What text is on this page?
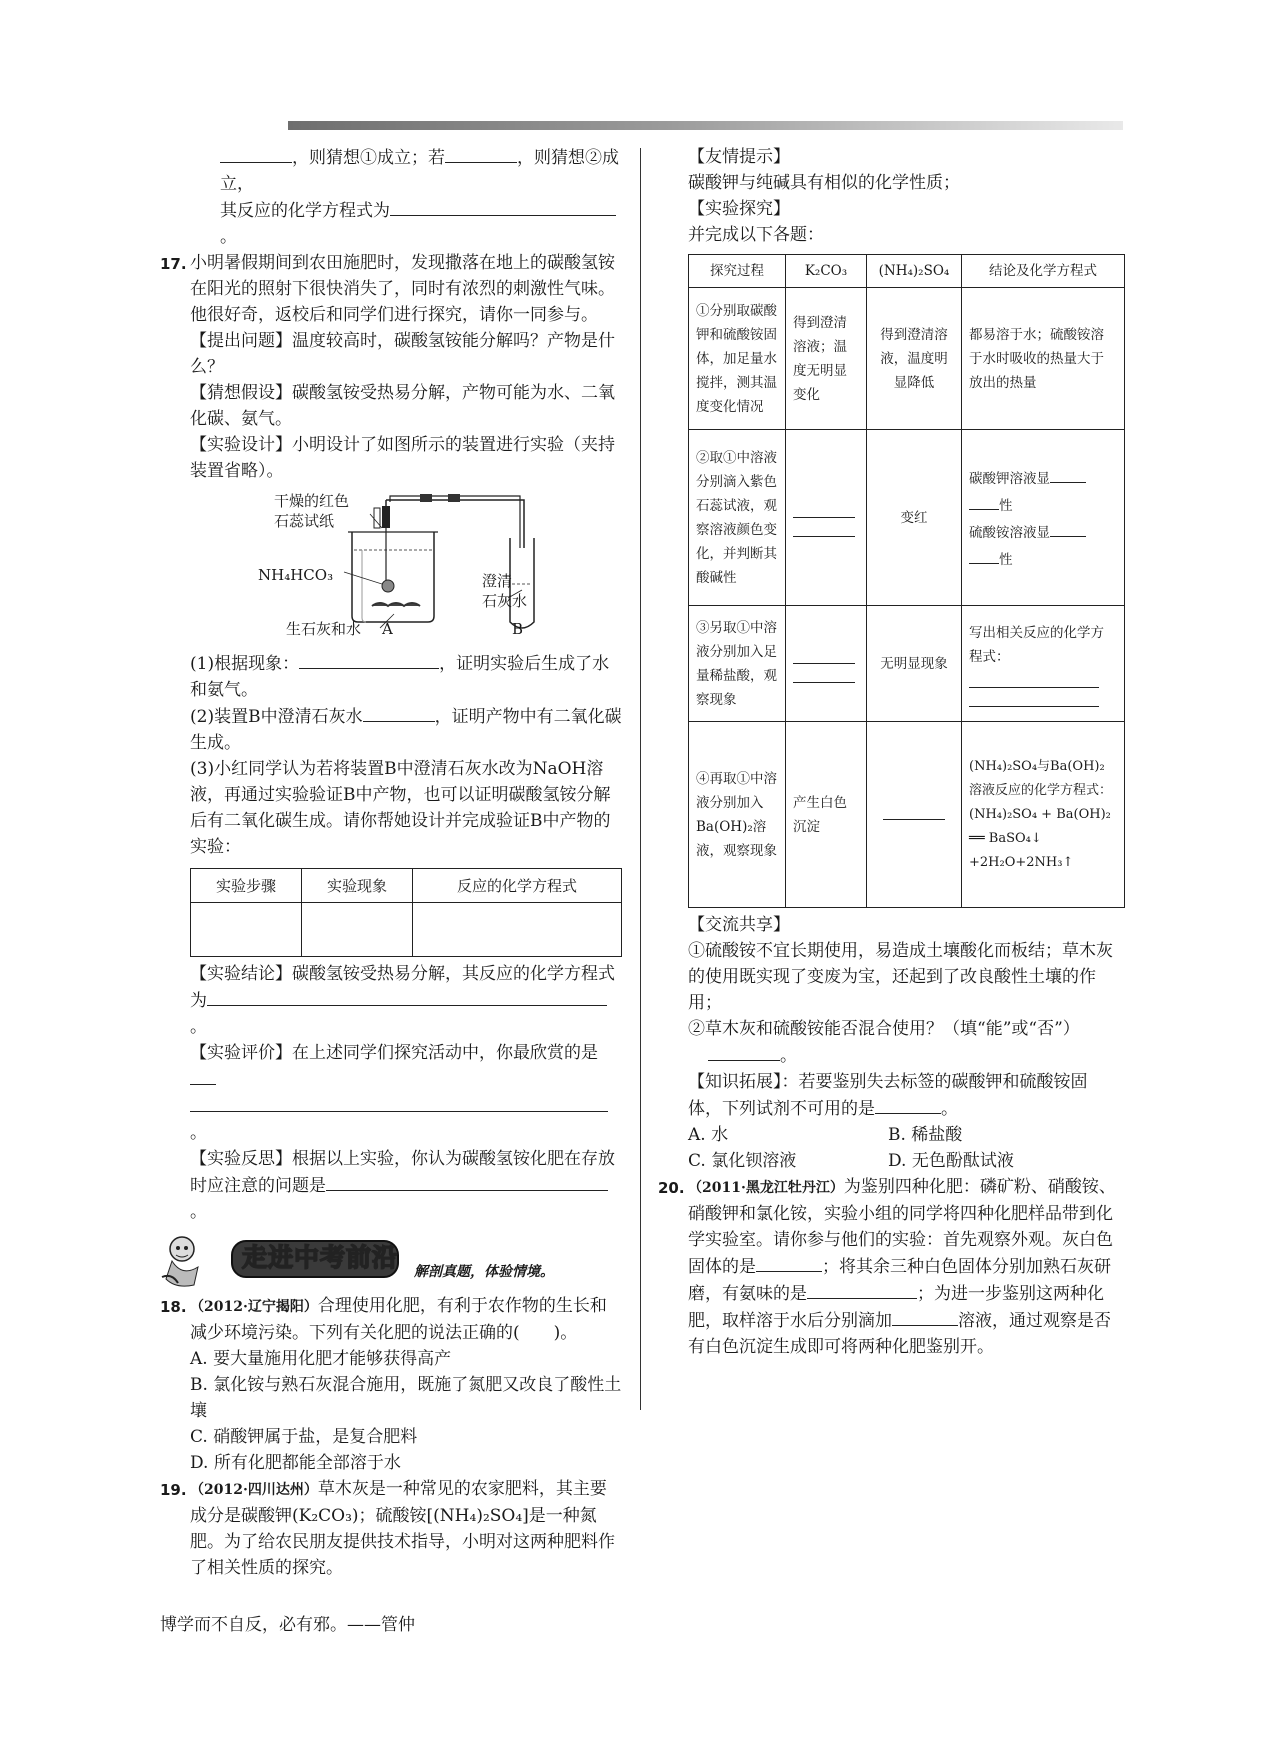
，则猜想①成立；若	，则猜想②成立，

其反应的化学方程式为。

17. 小明暑假期间到农田施肥时，发现撒落在地上的碳酸氢铵在阳光的照射下很快消失了，同时有浓烈的刺激性气味。他很好奇，返校后和同学们进行探究，请你一同参与。

【提出问题】温度较高时，碳酸氢铵能分解吗？产物是什么？

【猜想假设】碳酸氢铵受热易分解，产物可能为水、二氧化碳、氨气。

【实验设计】小明设计了如图所示的装置进行实验（夹持装置省略）。

干燥的红色
石蕊试纸
NH₄HCO₃	澄清
石灰水
生石灰和水 A	B

(1)根据现象：	，证明实验后生成了水和氨气。

(2)装置B中澄清石灰水	，证明产物中有二氧化碳生成。

(3)小红同学认为若将装置B中澄清石灰水改为NaOH溶液，再通过实验验证B中产物，也可以证明碳酸氢铵分解后有二氧化碳生成。请你帮她设计并完成验证B中产物的实验：

实验步骤	实验现象	反应的化学方程式

【实验结论】碳酸氢铵受热易分解，其反应的化学方程式为。

【实验评价】在上述同学们探究活动中，你最欣赏的是。

【实验反思】根据以上实验，你认为碳酸氢铵化肥在存放时应注意的问题是。

走进中考前沿 解剖真题，体验情境。
18. （2012·辽宁揭阳）合理使用化肥，有利于农作物的生长和减少环境污染。下列有关化肥的说法正确的(　　)。

A. 要大量施用化肥才能够获得高产

B. 氯化铵与熟石灰混合施用，既施了氮肥又改良了酸性土壤

C. 硝酸钾属于盐，是复合肥料

D. 所有化肥都能全部溶于水

19. （2012·四川达州）草木灰是一种常见的农家肥料，其主要成分是碳酸钾(K₂CO₃)；硫酸铵[(NH₄)₂SO₄]是一种氮肥。为了给农民朋友提供技术指导，小明对这两种肥料作了相关性质的探究。

【友情提示】

碳酸钾与纯碱具有相似的化学性质；

【实验探究】

并完成以下各题：

探究过程	K₂CO₃	(NH₄)₂SO₄	结论及化学方程式
①分别取碳酸钾和硫酸铵固体，加足量水搅拌，测其温度变化情况	得到澄清溶液；温度无明显变化	得到澄清溶液，温度明显降低	都易溶于水；硫酸铵溶于水时吸收的热量大于放出的热量
②取①中溶液分别滴入紫色石蕊试液，观察溶液颜色变化，并判断其酸碱性		变红	碳酸钾溶液显
性
硫酸铵溶液显
性
③另取①中溶液分别加入足量稀盐酸，观察现象		无明显现象	写出相关反应的化学方程式：

④再取①中溶液分别加入Ba(OH)₂溶液，观察现象	产生白色沉淀		(NH₄)₂SO₄与Ba(OH)₂溶液反应的化学方程式：(NH₄)₂SO₄ + Ba(OH)₂ ══ BaSO₄↓ +2H₂O+2NH₃↑

【交流共享】

①硫酸铵不宜长期使用，易造成土壤酸化而板结；草木灰的使用既实现了变废为宝，还起到了改良酸性土壤的作用；

②草木灰和硫酸铵能否混合使用？（填“能”或“否”）

。

【知识拓展】：若要鉴别失去标签的碳酸钾和硫酸铵固体，下列试剂不可用的是	。

A. 水	B. 稀盐酸

C. 氯化钡溶液	D. 无色酚酞试液

20. （2011·黑龙江牡丹江）为鉴别四种化肥：磷矿粉、硝酸铵、硝酸钾和氯化铵，实验小组的同学将四种化肥样品带到化学实验室。请你参与他们的实验：首先观察外观。灰白色固体的是	；将其余三种白色固体分别加熟石灰研磨，有氨味的是	；为进一步鉴别这两种化肥，取样溶于水后分别滴加	溶液，通过观察是否有白色沉淀生成即可将两种化肥鉴别开。

博学而不自反，必有邪。——管仲
